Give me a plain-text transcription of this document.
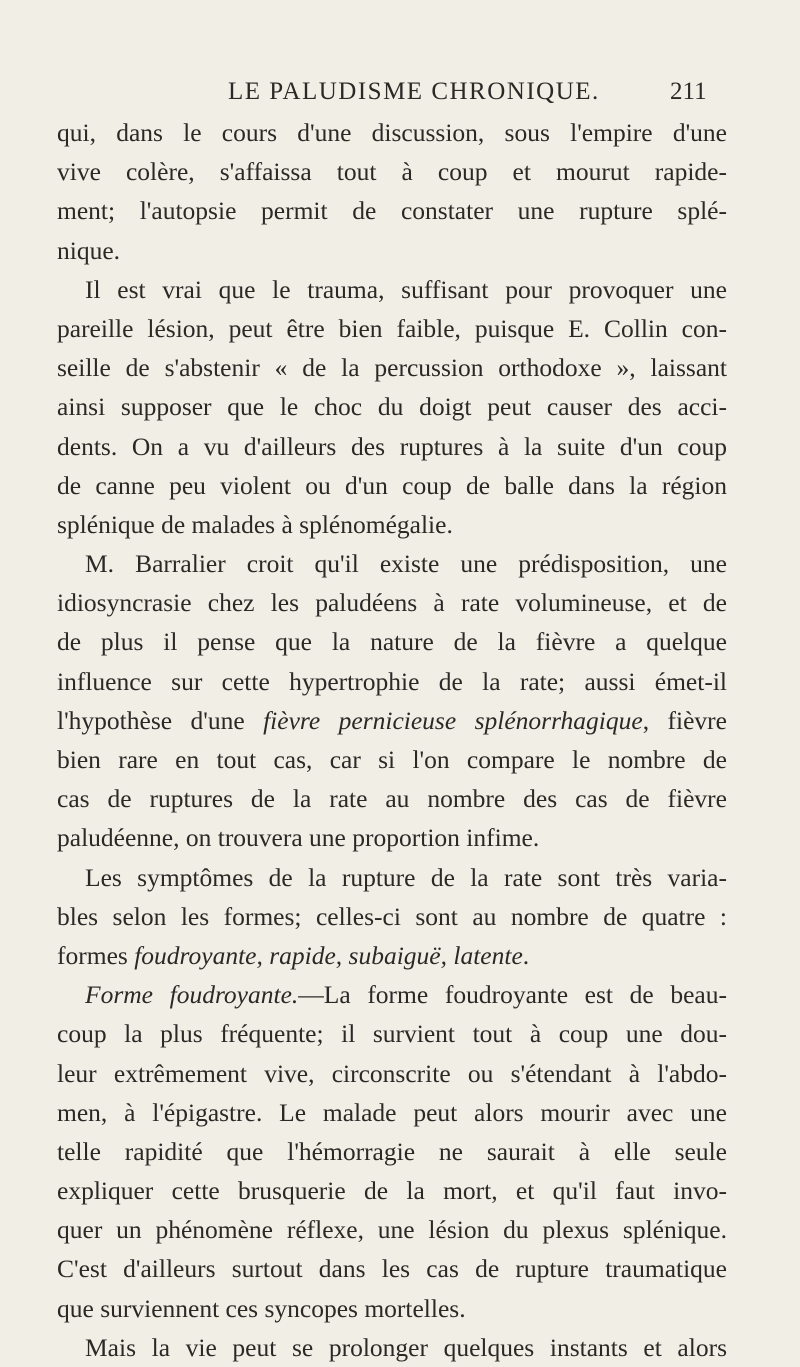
LE PALUDISME CHRONIQUE.	211
qui, dans le cours d'une discussion, sous l'empire d'une
vive colère, s'affaissa tout à coup et mourut rapide-
ment; l'autopsie permit de constater une rupture splé-
nique.
Il est vrai que le trauma, suffisant pour provoquer une
pareille lésion, peut être bien faible, puisque E. Collin con-
seille de s'abstenir « de la percussion orthodoxe », laissant
ainsi supposer que le choc du doigt peut causer des acci-
dents. On a vu d'ailleurs des ruptures à la suite d'un coup
de canne peu violent ou d'un coup de balle dans la région
splénique de malades à splénomégalie.
M. Barralier croit qu'il existe une prédisposition, une
idiosyncrasie chez les paludéens à rate volumineuse, et de
de plus il pense que la nature de la fièvre a quelque
influence sur cette hypertrophie de la rate; aussi émet-il
l'hypothèse d'une fièvre pernicieuse splénorrhagique, fièvre
bien rare en tout cas, car si l'on compare le nombre de
cas de ruptures de la rate au nombre des cas de fièvre
paludéenne, on trouvera une proportion infime.
Les symptômes de la rupture de la rate sont très varia-
bles selon les formes; celles-ci sont au nombre de quatre :
formes foudroyante, rapide, subaiguë, latente.
Forme foudroyante.—La forme foudroyante est de beau-
coup la plus fréquente; il survient tout à coup une dou-
leur extrêmement vive, circonscrite ou s'étendant à l'abdo-
men, à l'épigastre. Le malade peut alors mourir avec une
telle rapidité que l'hémorragie ne saurait à elle seule
expliquer cette brusquerie de la mort, et qu'il faut invo-
quer un phénomène réflexe, une lésion du plexus splénique.
C'est d'ailleurs surtout dans les cas de rupture traumatique
que surviennent ces syncopes mortelles.
Mais la vie peut se prolonger quelques instants et alors
